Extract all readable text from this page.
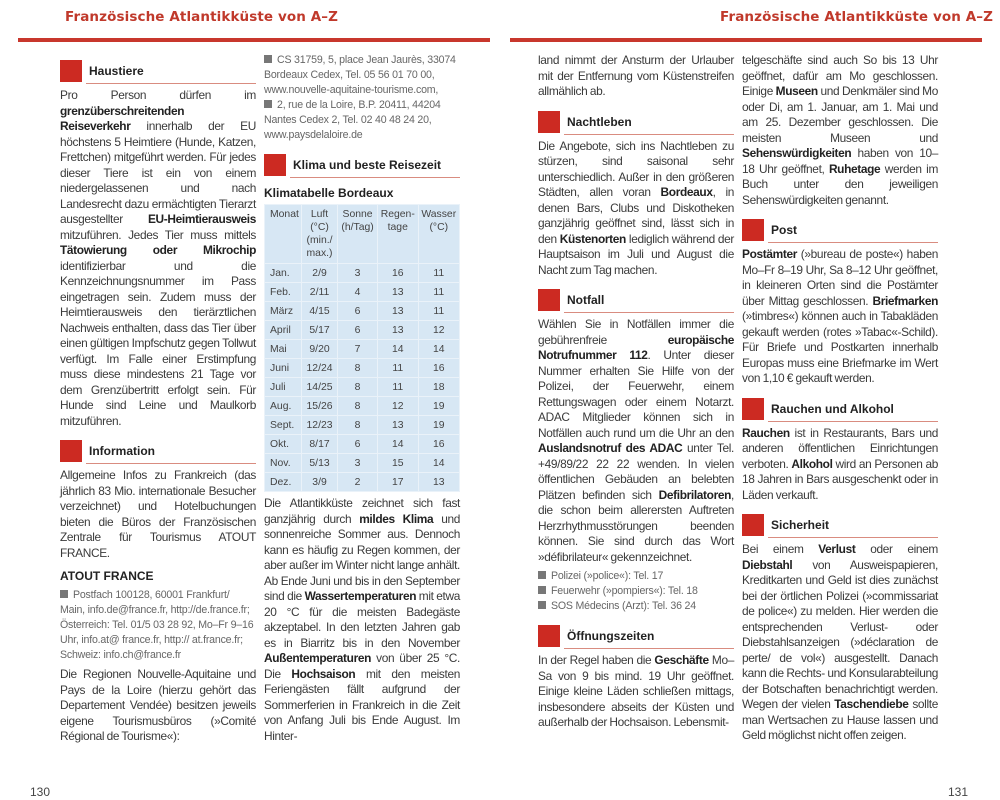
Französische Atlantikküste von A–Z	Französische Atlantikküste von A–Z
Haustiere
Pro Person dürfen im grenzüberschreitenden Reiseverkehr innerhalb der EU höchstens 5 Heimtiere (Hunde, Katzen, Frettchen) mitgeführt werden. Für jedes dieser Tiere ist ein von einem niedergelassenen und nach Landesrecht dazu ermächtigten Tierarzt ausgestellter EU-Heimtierausweis mitzuführen. Jedes Tier muss mittels Tätowierung oder Mikrochip identifizierbar und die Kennzeichnungsnummer im Pass eingetragen sein. Zudem muss der Heimtierausweis den tierärztlichen Nachweis enthalten, dass das Tier über einen gültigen Impfschutz gegen Tollwut verfügt. Im Falle einer Erstimpfung muss diese mindestens 21 Tage vor dem Grenzübertritt erfolgt sein. Für Hunde sind Leine und Maulkorb mitzuführen.
Information
Allgemeine Infos zu Frankreich (das jährlich 83 Mio. internationale Besucher verzeichnet) und Hotelbuchungen bieten die Büros der Französischen Zentrale für Tourismus ATOUT FRANCE.
ATOUT FRANCE
Postfach 100128, 60001 Frankfurt/ Main, info.de@france.fr, http://de.france.fr; Österreich: Tel. 01/5 03 28 92, Mo–Fr 9–16 Uhr, info.at@ france.fr, http:// at.france.fr; Schweiz: info.ch@france.fr
Die Regionen Nouvelle-Aquitaine und Pays de la Loire (hierzu gehört das Departement Vendée) besitzen jeweils eigene Tourismusbüros (»Comité Régional de Tourisme«):
CS 31759, 5, place Jean Jaurès, 33074 Bordeaux Cedex, Tel. 05 56 01 70 00, www.nouvelle-aquitaine-tourisme.com,
2, rue de la Loire, B.P. 20411, 44204 Nantes Cedex 2, Tel. 02 40 48 24 20, www.paysdelaloire.de
Klima und beste Reisezeit
Klimatabelle Bordeaux
Monat	Luft (°C) (min./ max.)	Sonne (h/Tag)	Regen-tage	Wasser (°C)
Jan.	2/9	3	16	11
Feb.	2/11	4	13	11
März	4/15	6	13	11
April	5/17	6	13	12
Mai	9/20	7	14	14
Juni	12/24	8	11	16
Juli	14/25	8	11	18
Aug.	15/26	8	12	19
Sept.	12/23	8	13	19
Okt.	8/17	6	14	16
Nov.	5/13	3	15	14
Dez.	3/9	2	17	13
Die Atlantikküste zeichnet sich fast ganzjährig durch mildes Klima und sonnenreiche Sommer aus. Dennoch kann es häufig zu Regen kommen, der aber außer im Winter nicht lange anhält. Ab Ende Juni und bis in den September sind die Wassertemperaturen mit etwa 20 °C für die meisten Badegäste akzeptabel. In den letzten Jahren gab es in Biarritz bis in den November Außentemperaturen von über 25 °C. Die Hochsaison mit den meisten Feriengästen fällt aufgrund der Sommerferien in Frankreich in die Zeit von Anfang Juli bis Ende August. Im Hinter-
land nimmt der Ansturm der Urlauber mit der Entfernung vom Küstenstreifen allmählich ab.
Nachtleben
Die Angebote, sich ins Nachtleben zu stürzen, sind saisonal sehr unterschiedlich. Außer in den größeren Städten, allen voran Bordeaux, in denen Bars, Clubs und Diskotheken ganzjährig geöffnet sind, lässt sich in den Küstenorten lediglich während der Hauptsaison im Juli und August die Nacht zum Tag machen.
Notfall
Wählen Sie in Notfällen immer die gebührenfreie europäische Notrufnummer 112. Unter dieser Nummer erhalten Sie Hilfe von der Polizei, der Feuerwehr, einem Rettungswagen oder einem Notarzt. ADAC Mitglieder können sich in Notfällen auch rund um die Uhr an den Auslandsnotruf des ADAC unter Tel. +49/89/22 22 22 wenden. In vielen öffentlichen Gebäuden an belebten Plätzen befinden sich Defibrilatoren, die schon beim allerersten Auftreten Herzrhythmusstörungen beenden können. Sie sind durch das Wort »défibrilateur« gekennzeichnet.
Polizei (»police«): Tel. 17
Feuerwehr (»pompiers«): Tel. 18
SOS Médecins (Arzt): Tel. 36 24
Öffnungszeiten
In der Regel haben die Geschäfte Mo–Sa von 9 bis mind. 19 Uhr geöffnet. Einige kleine Läden schließen mittags, insbesondere abseits der Küsten und außerhalb der Hochsaison. Lebensmit-
telgeschäfte sind auch So bis 13 Uhr geöffnet, dafür am Mo geschlossen. Einige Museen und Denkmäler sind Mo oder Di, am 1. Januar, am 1. Mai und am 25. Dezember geschlossen. Die meisten Museen und Sehenswürdigkeiten haben von 10–18 Uhr geöffnet, Ruhetage werden im Buch unter den jeweiligen Sehenswürdigkeiten genannt.
Post
Postämter (»bureau de poste«) haben Mo–Fr 8–19 Uhr, Sa 8–12 Uhr geöffnet, in kleineren Orten sind die Postämter über Mittag geschlossen. Briefmarken (»timbres«) können auch in Tabakläden gekauft werden (rotes »Tabac«-Schild). Für Briefe und Postkarten innerhalb Europas muss eine Briefmarke im Wert von 1,10 € gekauft werden.
Rauchen und Alkohol
Rauchen ist in Restaurants, Bars und anderen öffentlichen Einrichtungen verboten. Alkohol wird an Personen ab 18 Jahren in Bars ausgeschenkt oder in Läden verkauft.
Sicherheit
Bei einem Verlust oder einem Diebstahl von Ausweispapieren, Kreditkarten und Geld ist dies zunächst bei der örtlichen Polizei (»commissariat de police«) zu melden. Hier werden die entsprechenden Verlust- oder Diebstahlsanzeigen (»déclaration de perte/ de vol«) ausgestellt. Danach kann die Rechts- und Konsularabteilung der Botschaften benachrichtigt werden. Wegen der vielen Taschendiebe sollte man Wertsachen zu Hause lassen und Geld möglichst nicht offen zeigen.
130	131
